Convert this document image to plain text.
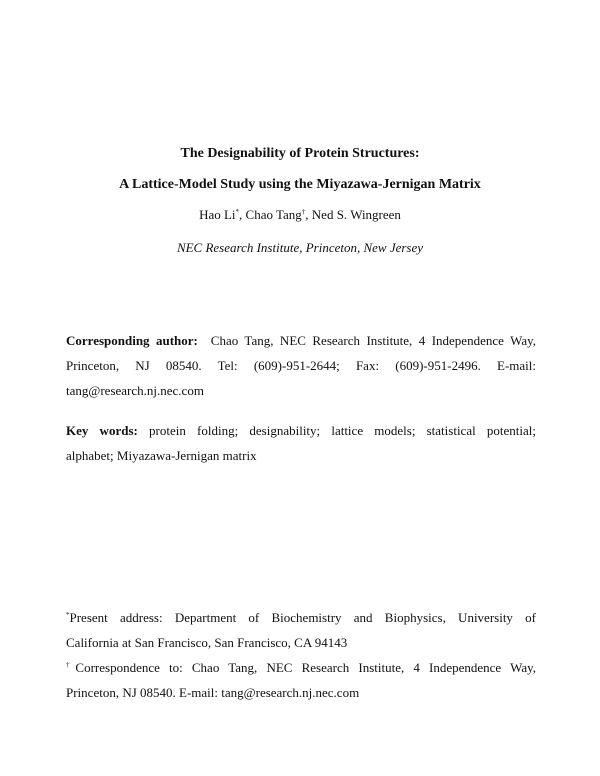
The Designability of Protein Structures:
A Lattice-Model Study using the Miyazawa-Jernigan Matrix
Hao Li*, Chao Tang†, Ned S. Wingreen
NEC Research Institute, Princeton, New Jersey
Corresponding author: Chao Tang, NEC Research Institute, 4 Independence Way,
Princeton, NJ 08540. Tel: (609)-951-2644; Fax: (609)-951-2496. E-mail:
tang@research.nj.nec.com
Key words: protein folding; designability; lattice models; statistical potential;
alphabet; Miyazawa-Jernigan matrix
*Present address: Department of Biochemistry and Biophysics, University of
California at San Francisco, San Francisco, CA 94143
†Correspondence to: Chao Tang, NEC Research Institute, 4 Independence Way,
Princeton, NJ 08540. E-mail: tang@research.nj.nec.com
